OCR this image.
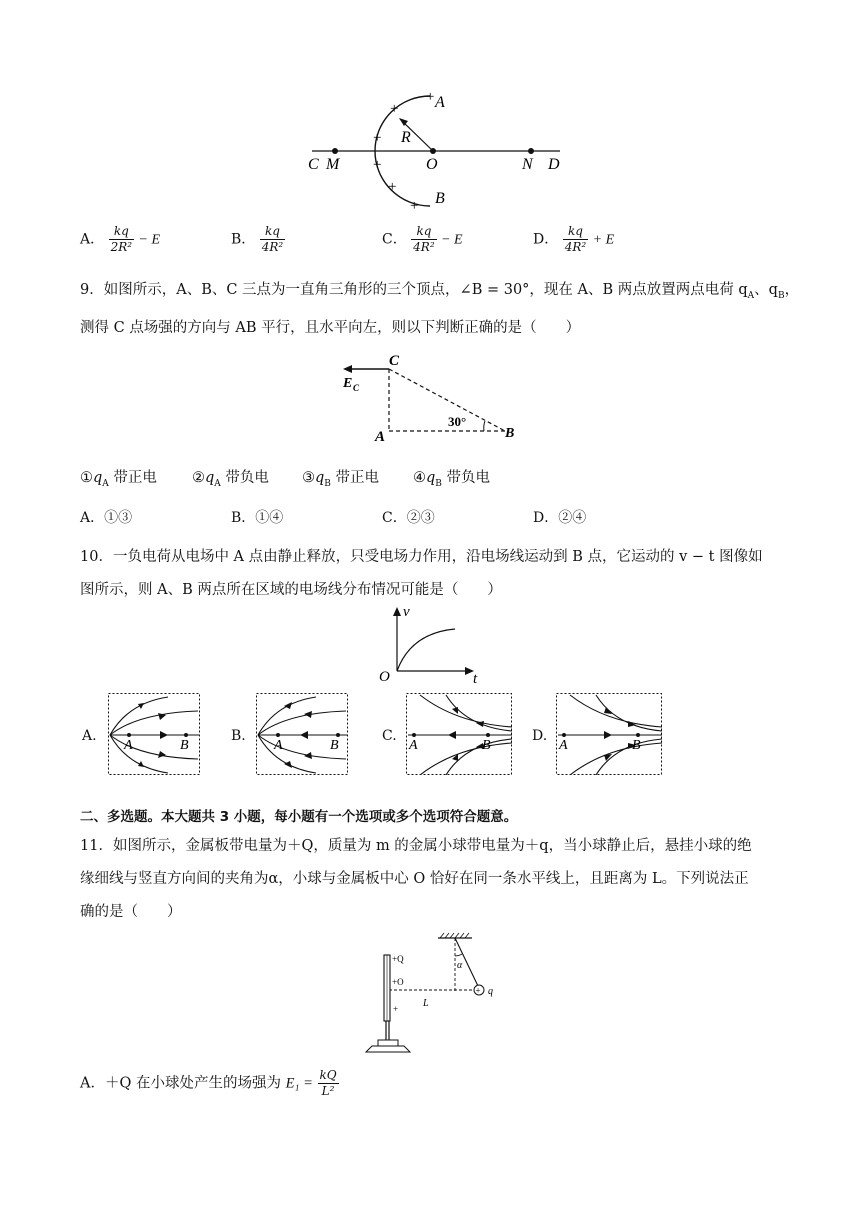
+
+
+
+
+
+
A
B
R
C M	O	N D
A． $\frac{kq}{\text{2R²}} - E$	B． $\frac{kq}{\text{4R²}}$	C． $\frac{kq}{\text{4R²}} - E$	D． $\frac{kq}{\text{4R²}} + E$
9．如图所示，A、B、C 三点为一直角三角形的三个顶点，∠B = 30°，现在 A、B 两点放置两点电荷 $q_A$、$q_B$，
测得 C 点场强的方向与 AB 平行，且水平向左，则以下判断正确的是（　　）
C
A	B
E C
30°
$①q_A$ 带正电 $②q_A$ 带负电 $③q_B$ 带正电 $④q_B$ 带负电
A．①③	B．①④	C．②③	D．②④
10．一负电荷从电场中 A 点由静止释放，只受电场力作用，沿电场线运动到 B 点，它运动的 v − t 图像如
图所示，则 A、B 两点所在区域的电场线分布情况可能是（　　）
v
t
O
A.	B.	C.	D.
A	B	A	B	A	B	A	B
二、多选题。本大题共 3 小题，每小题有一个选项或多个选项符合题意。
11．如图所示，金属板带电量为＋Q，质量为 m 的金属小球带电量为＋q，当小球静止后，悬挂小球的绝
缘细线与竖直方向间的夹角为α，小球与金属板中心 O 恰好在同一条水平线上，且距离为 L。下列说法正
确的是（　　）
α
+ q
L
+Q
+O
+
A．＋Q 在小球处产生的场强为 $E_1 = \frac{kQ}{\text{L²}}$
